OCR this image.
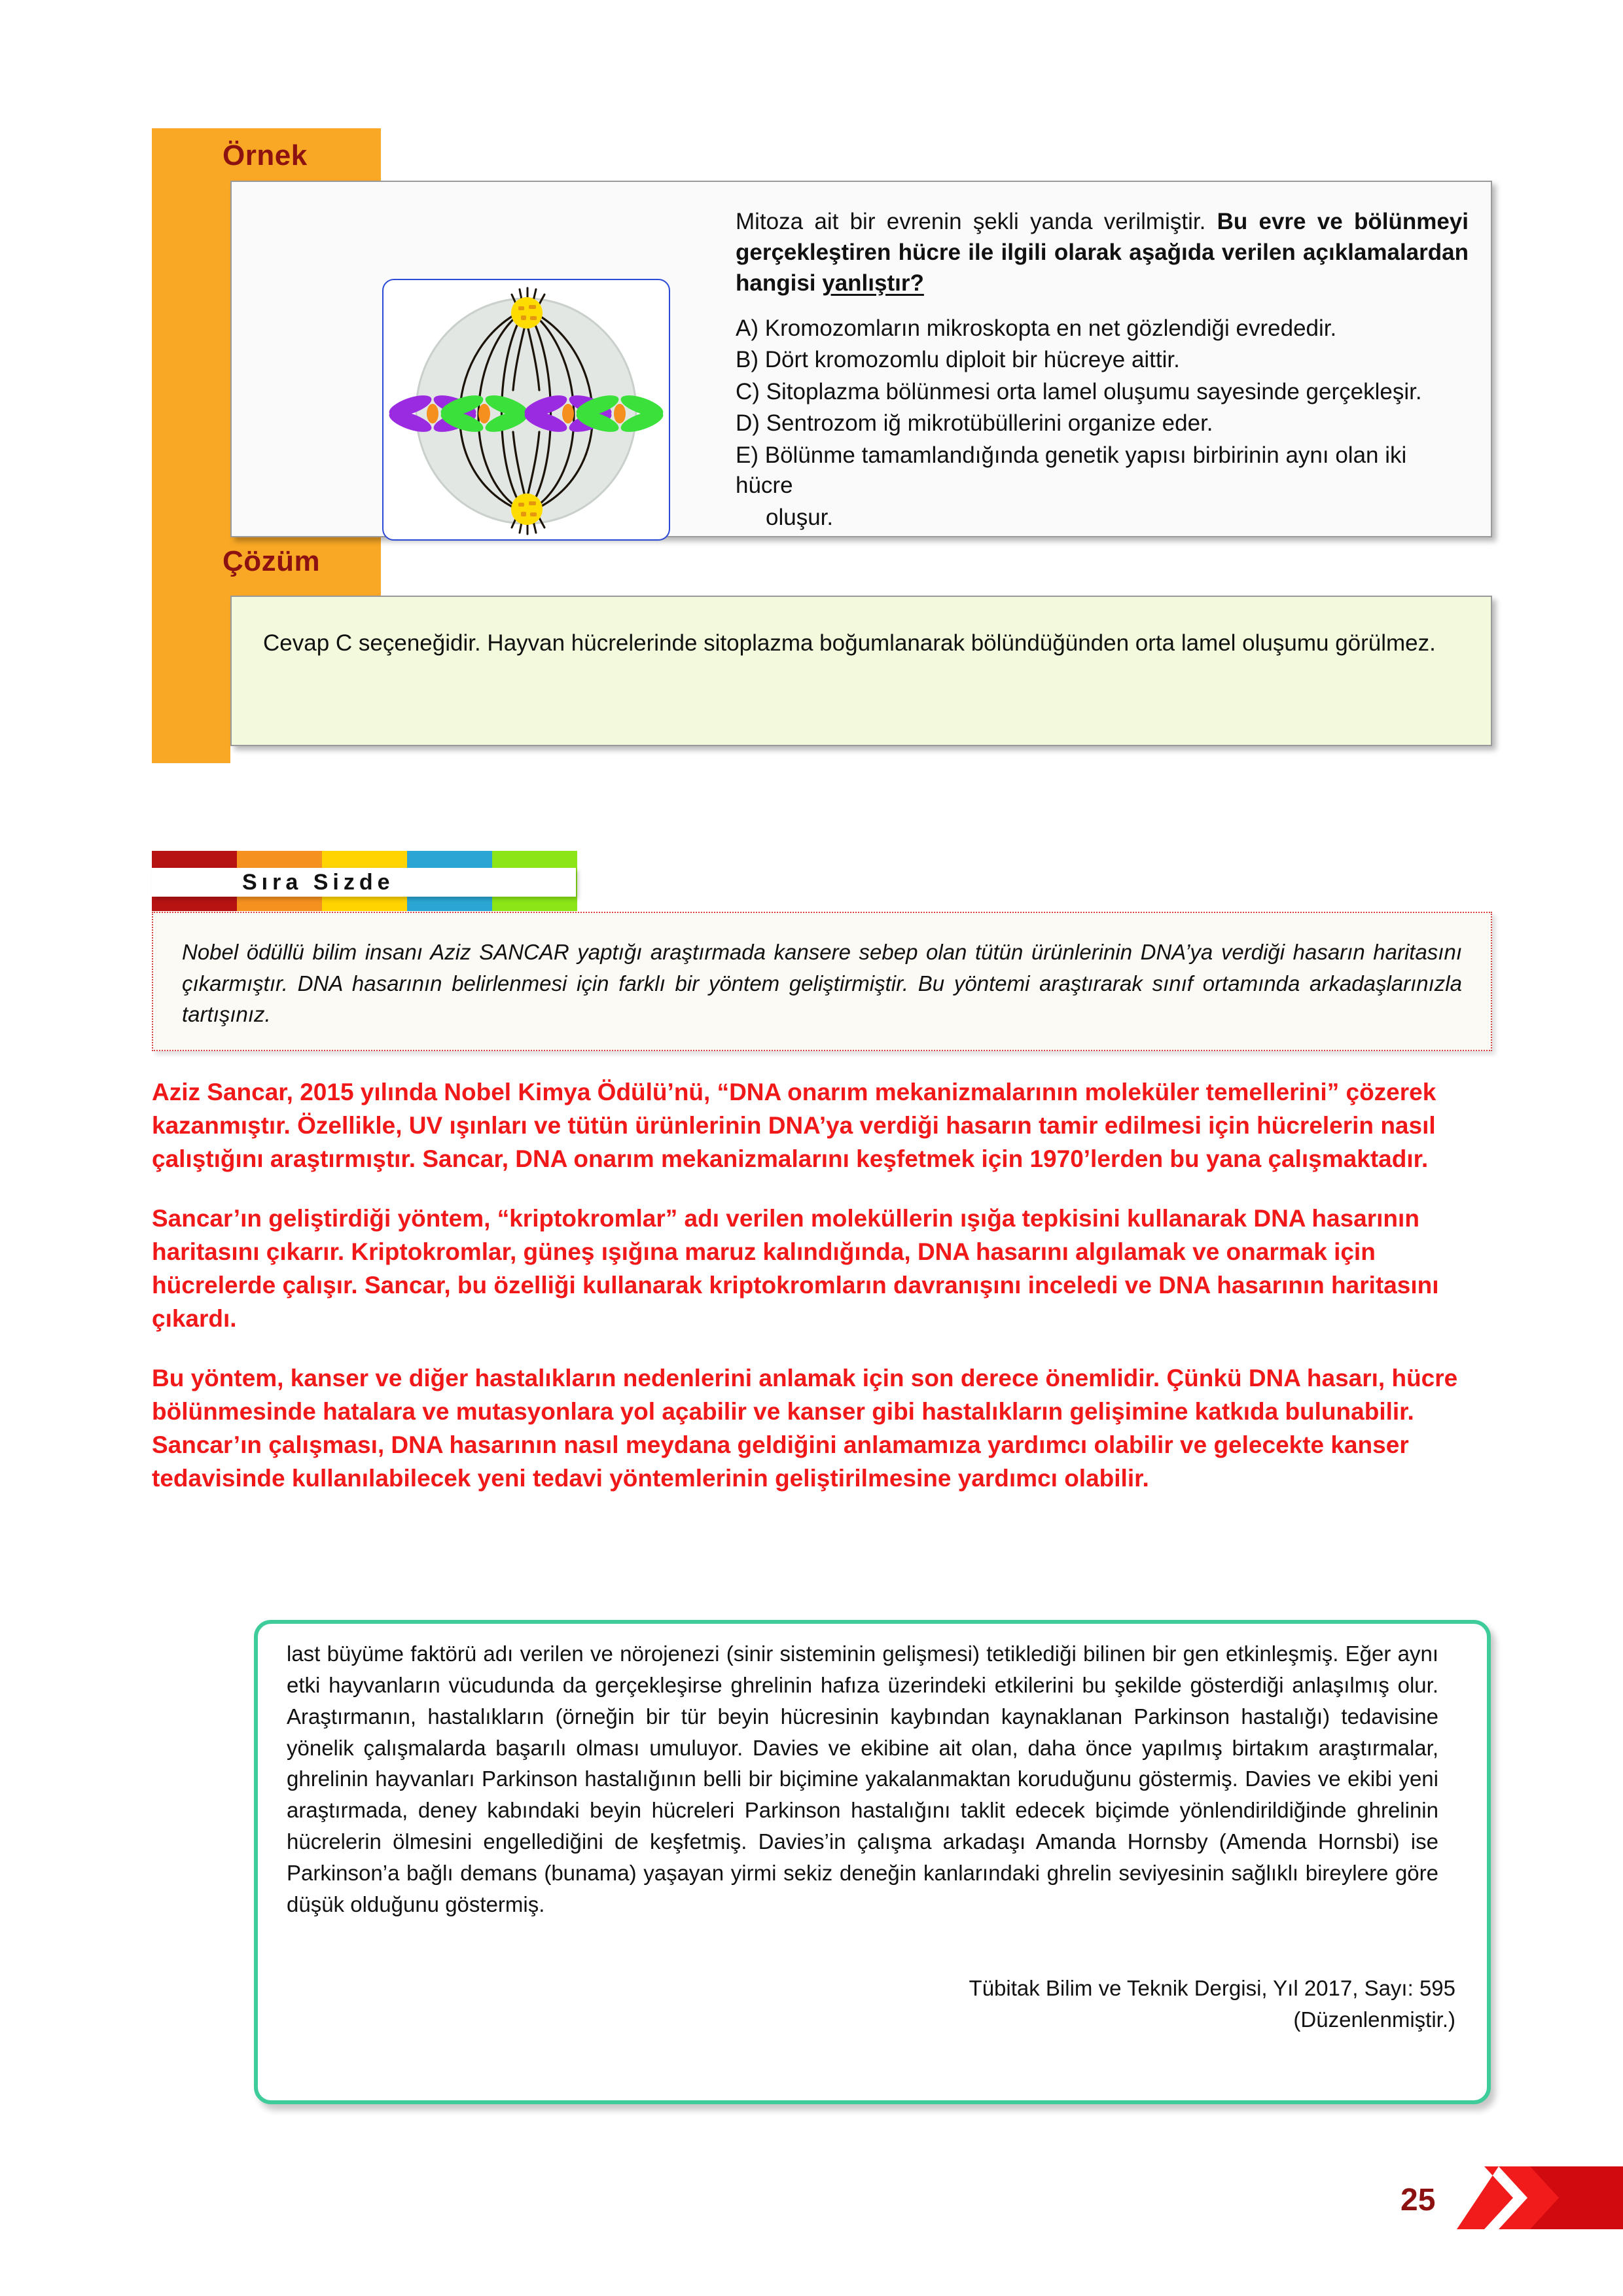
Örnek
Çözüm
Mitoza ait bir evrenin şekli yanda verilmiştir. Bu evre ve bölünmeyi gerçekleştiren hücre ile ilgili olarak aşağıda verilen açıklamalardan hangisi yanlıştır?
A) Kromozomların mikroskopta en net gözlendiği evrededir.
B) Dört kromozomlu diploit bir hücreye aittir.
C) Sitoplazma bölünmesi orta lamel oluşumu sayesinde gerçekleşir.
D) Sentrozom iğ mikrotübüllerini organize eder.
E) Bölünme tamamlandığında genetik yapısı birbirinin aynı olan iki hücre
oluşur.
Cevap C seçeneğidir. Hayvan hücrelerinde sitoplazma boğumlanarak bölündüğünden orta lamel oluşumu görülmez.
Sıra Sizde
Nobel ödüllü bilim insanı Aziz SANCAR yaptığı araştırmada kansere sebep olan tütün ürünlerinin DNA’ya verdiği hasarın haritasını çıkarmıştır. DNA hasarının belirlenmesi için farklı bir yöntem geliştirmiştir. Bu yöntemi araştırarak sınıf ortamında arkadaşlarınızla tartışınız.

Aziz Sancar, 2015 yılında Nobel Kimya Ödülü’nü, “DNA onarım mekanizmalarının moleküler temellerini” çözerek kazanmıştır. Özellikle, UV ışınları ve tütün ürünlerinin DNA’ya verdiği hasarın tamir edilmesi için hücrelerin nasıl çalıştığını araştırmıştır. Sancar, DNA onarım mekanizmalarını keşfetmek için 1970’lerden bu yana çalışmaktadır.

Sancar’ın geliştirdiği yöntem, “kriptokromlar” adı verilen moleküllerin ışığa tepkisini kullanarak DNA hasarının haritasını çıkarır. Kriptokromlar, güneş ışığına maruz kalındığında, DNA hasarını algılamak ve onarmak için hücrelerde çalışır. Sancar, bu özelliği kullanarak kriptokromların davranışını inceledi ve DNA hasarının haritasını çıkardı.

Bu yöntem, kanser ve diğer hastalıkların nedenlerini anlamak için son derece önemlidir. Çünkü DNA hasarı, hücre bölünmesinde hatalara ve mutasyonlara yol açabilir ve kanser gibi hastalıkların gelişimine katkıda bulunabilir. Sancar’ın çalışması, DNA hasarının nasıl meydana geldiğini anlamamıza yardımcı olabilir ve gelecekte kanser tedavisinde kullanılabilecek yeni tedavi yöntemlerinin geliştirilmesine yardımcı olabilir.

last büyüme faktörü adı verilen ve nörojenezi (sinir sisteminin gelişmesi) tetiklediği bilinen bir gen etkinleşmiş. Eğer aynı etki hayvanların vücudunda da gerçekleşirse ghrelinin hafıza üzerindeki etkilerini bu şekilde gösterdiği anlaşılmış olur. Araştırmanın, hastalıkların (örneğin bir tür beyin hücresinin kaybından kaynaklanan Parkinson hastalığı) tedavisine yönelik çalışmalarda başarılı olması umuluyor. Davies ve ekibine ait olan, daha önce yapılmış birtakım araştırmalar, ghrelinin hayvanları Parkinson hastalığının belli bir biçimine yakalanmaktan koruduğunu göstermiş. Davies ve ekibi yeni araştırmada, deney kabındaki beyin hücreleri Parkinson hastalığını taklit edecek biçimde yönlendirildiğinde ghrelinin hücrelerin ölmesini engellediğini de keşfetmiş. Davies’in çalışma arkadaşı Amanda Hornsby (Amenda Hornsbi) ise Parkinson’a bağlı demans (bunama) yaşayan yirmi sekiz deneğin kanlarındaki ghrelin seviyesinin sağlıklı bireylere göre düşük olduğunu göstermiş.
Tübitak Bilim ve Teknik Dergisi, Yıl 2017, Sayı: 595
(Düzenlenmiştir.)
25
